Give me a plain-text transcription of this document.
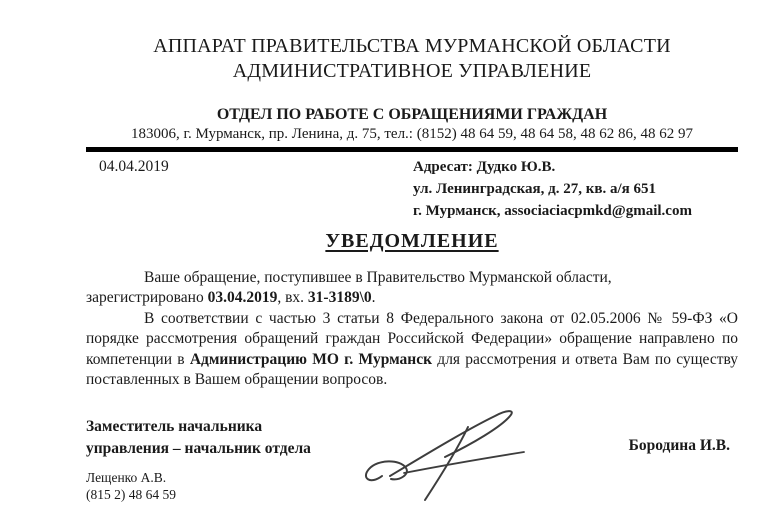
АППАРАТ ПРАВИТЕЛЬСТВА МУРМАНСКОЙ ОБЛАСТИ
АДМИНИСТРАТИВНОЕ УПРАВЛЕНИЕ
ОТДЕЛ ПО РАБОТЕ С ОБРАЩЕНИЯМИ ГРАЖДАН
183006, г. Мурманск, пр. Ленина, д. 75, тел.: (8152) 48 64 59, 48 64 58, 48 62 86, 48 62 97
04.04.2019	Адресат: Дудко Ю.В.
ул. Ленинградская, д. 27, кв. а/я 651
г. Мурманск, associaciacpmkd@gmail.com
УВЕДОМЛЕНИЕ

Ваше обращение, поступившее в Правительство Мурманской области, зарегистрировано 03.04.2019, вх. 31-3189\0.

В соответствии с частью 3 статьи 8 Федерального закона от 02.05.2006 № 59-ФЗ «О порядке рассмотрения обращений граждан Российской Федерации» обращение направлено по компетенции в Администрацию МО г. Мурманск для рассмотрения и ответа Вам по существу поставленных в Вашем обращении вопросов.

Заместитель начальника
управления – начальник отдела	Бородина И.В.
Лещенко А.В.
(815 2) 48 64 59
